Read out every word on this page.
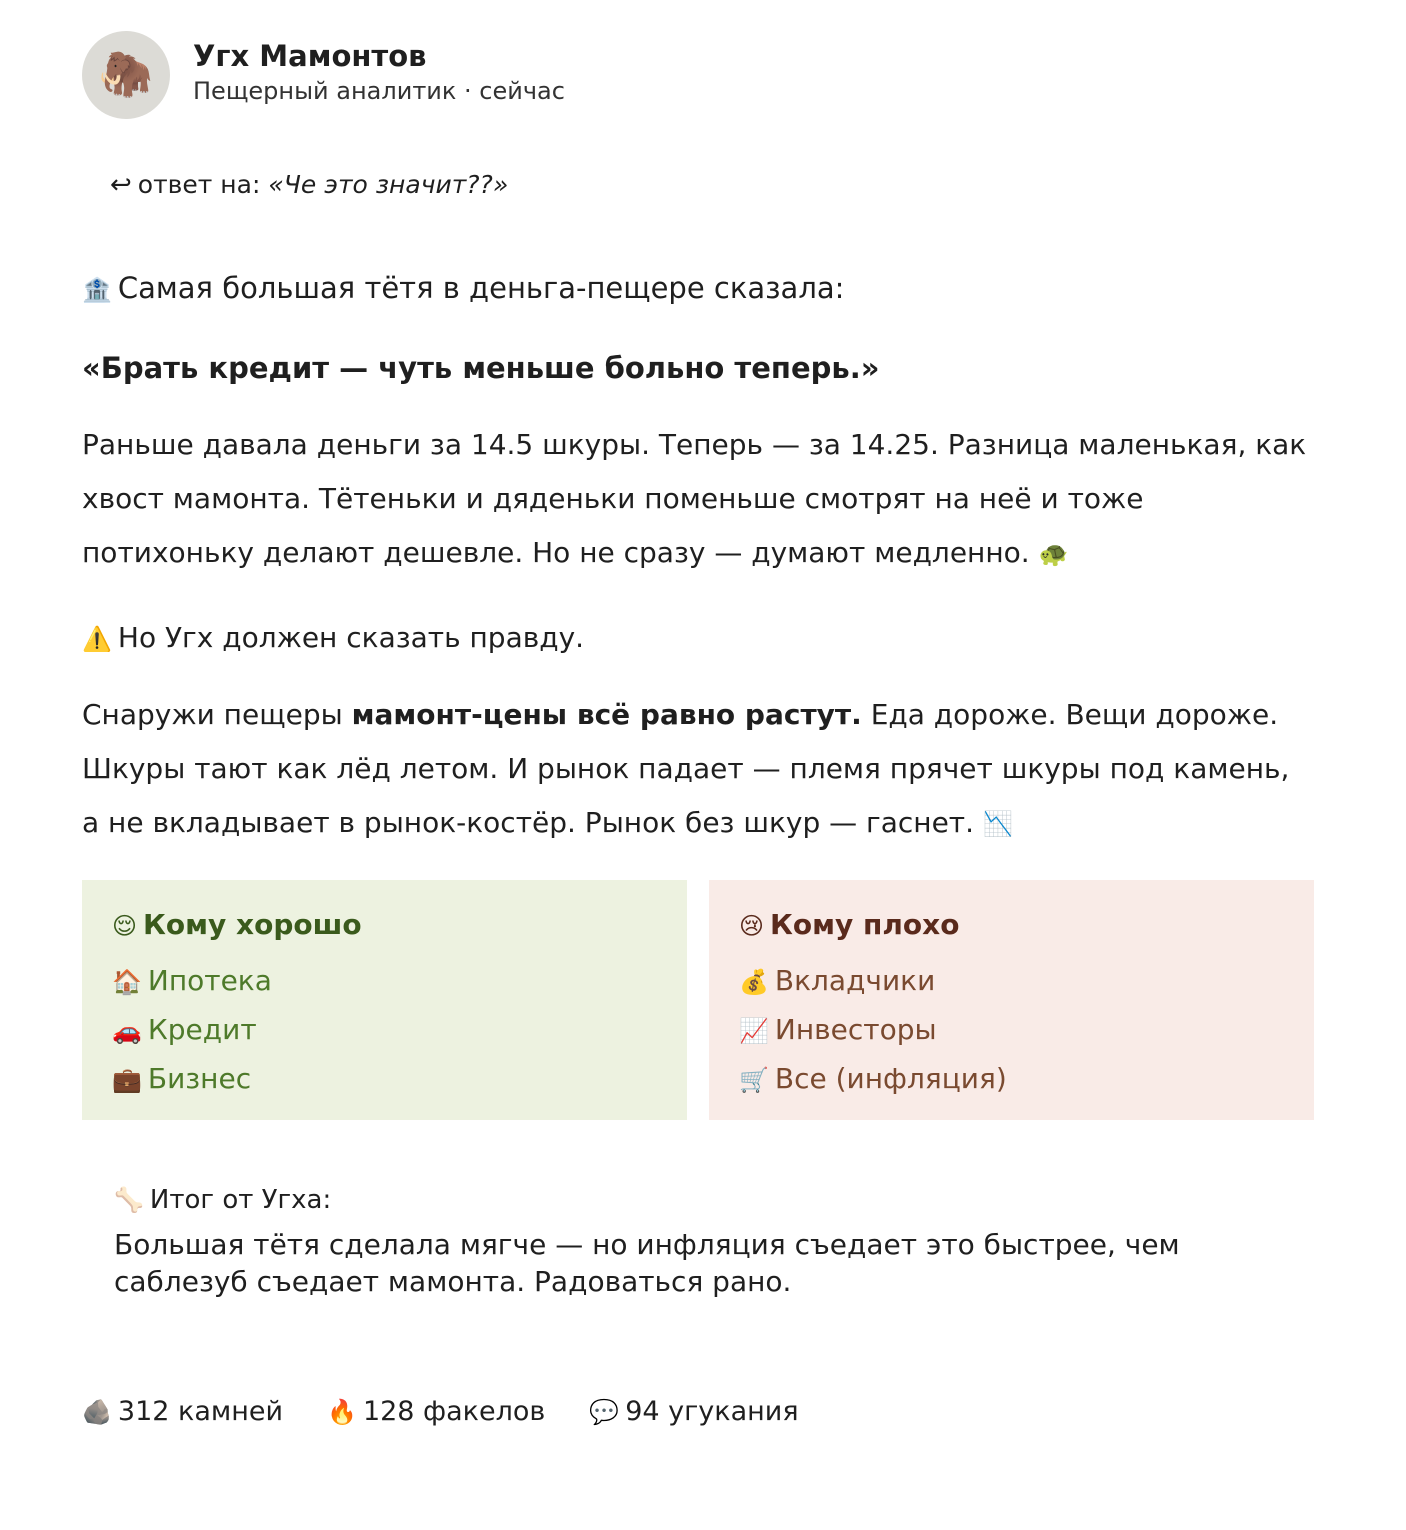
🦣 Угх Мамонтов
Пещерный аналитик · сейчас
↩ ответ на: «Че это значит??»
🏦 Самая большая тётя в деньга-пещере сказала:
«Брать кредит — чуть меньше больно теперь.»
Раньше давала деньги за 14.5 шкуры. Теперь — за 14.25. Разница маленькая, как хвост мамонта. Тётеньки и дяденьки поменьше смотрят на неё и тоже потихоньку делают дешевле. Но не сразу — думают медленно. 🐢
⚠️ Но Угх должен сказать правду.
Снаружи пещеры мамонт-цены всё равно растут. Еда дороже. Вещи дороже. Шкуры тают как лёд летом. И рынок падает — племя прячет шкуры под камень, а не вкладывает в рынок-костёр. Рынок без шкур — гаснет. 📉
😌 Кому хорошо
🏠 Ипотека
🚗 Кредит
💼 Бизнес
😢 Кому плохо
💰 Вкладчики
📈 Инвесторы
🛒 Все (инфляция)
🦴 Итог от Угха:
Большая тётя сделала мягче — но инфляция съедает это быстрее, чем саблезуб съедает мамонта. Радоваться рано.
🪨 312 камней 🔥 128 факелов 💬 94 угукания
